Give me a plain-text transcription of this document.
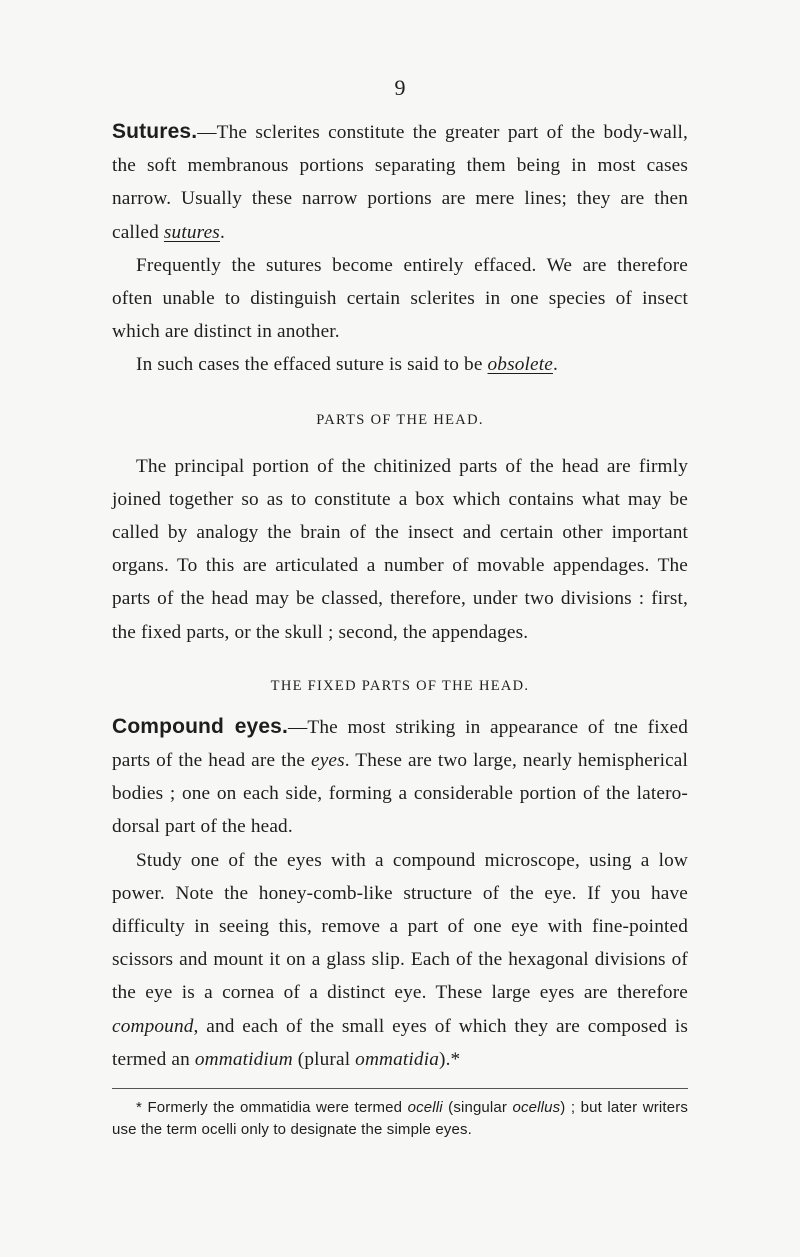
9

Sutures.—The sclerites constitute the greater part of the body-wall, the soft membranous portions separating them being in most cases narrow. Usually these narrow portions are mere lines; they are then called sutures.

Frequently the sutures become entirely effaced. We are therefore often unable to distinguish certain sclerites in one species of insect which are distinct in another.

In such cases the effaced suture is said to be obsolete.

PARTS OF THE HEAD.

The principal portion of the chitinized parts of the head are firmly joined together so as to constitute a box which contains what may be called by analogy the brain of the insect and certain other important organs. To this are articulated a number of movable appendages. The parts of the head may be classed, therefore, under two divisions : first, the fixed parts, or the skull ; second, the appendages.

THE FIXED PARTS OF THE HEAD.

Compound eyes.—The most striking in appearance of tne fixed parts of the head are the eyes. These are two large, nearly hemispherical bodies ; one on each side, forming a considerable portion of the latero-dorsal part of the head.

Study one of the eyes with a compound microscope, using a low power. Note the honey-comb-like structure of the eye. If you have difficulty in seeing this, remove a part of one eye with fine-pointed scissors and mount it on a glass slip. Each of the hexagonal divisions of the eye is a cornea of a distinct eye. These large eyes are therefore compound, and each of the small eyes of which they are composed is termed an ommatidium (plural ommatidia).*

* Formerly the ommatidia were termed ocelli (singular ocellus) ; but later writers use the term ocelli only to designate the simple eyes.
